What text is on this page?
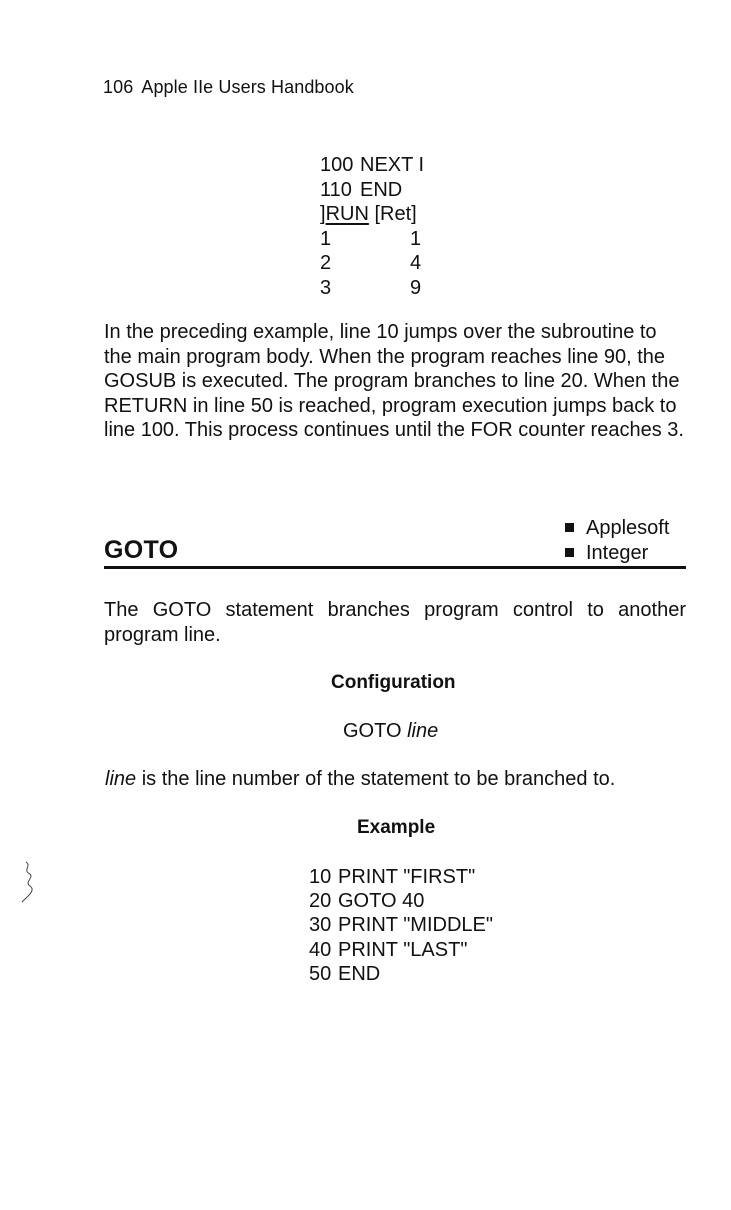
106 Apple IIe Users Handbook
100 NEXT I
110 END
]RUN [Ret]
1	1
2	4
3	9

In the preceding example, line 10 jumps over the subroutine to the main program body. When the program reaches line 90, the GOSUB is executed. The program branches to line 20. When the RETURN in line 50 is reached, program execution jumps back to line 100. This process continues until the FOR counter reaches 3.

Applesoft
Integer
GOTO

The GOTO statement branches program control to another program line.

Configuration
GOTO line
line is the line number of the statement to be branched to.
Example
10 PRINT "FIRST"
20 GOTO 40
30 PRINT "MIDDLE"
40 PRINT "LAST"
50 END
